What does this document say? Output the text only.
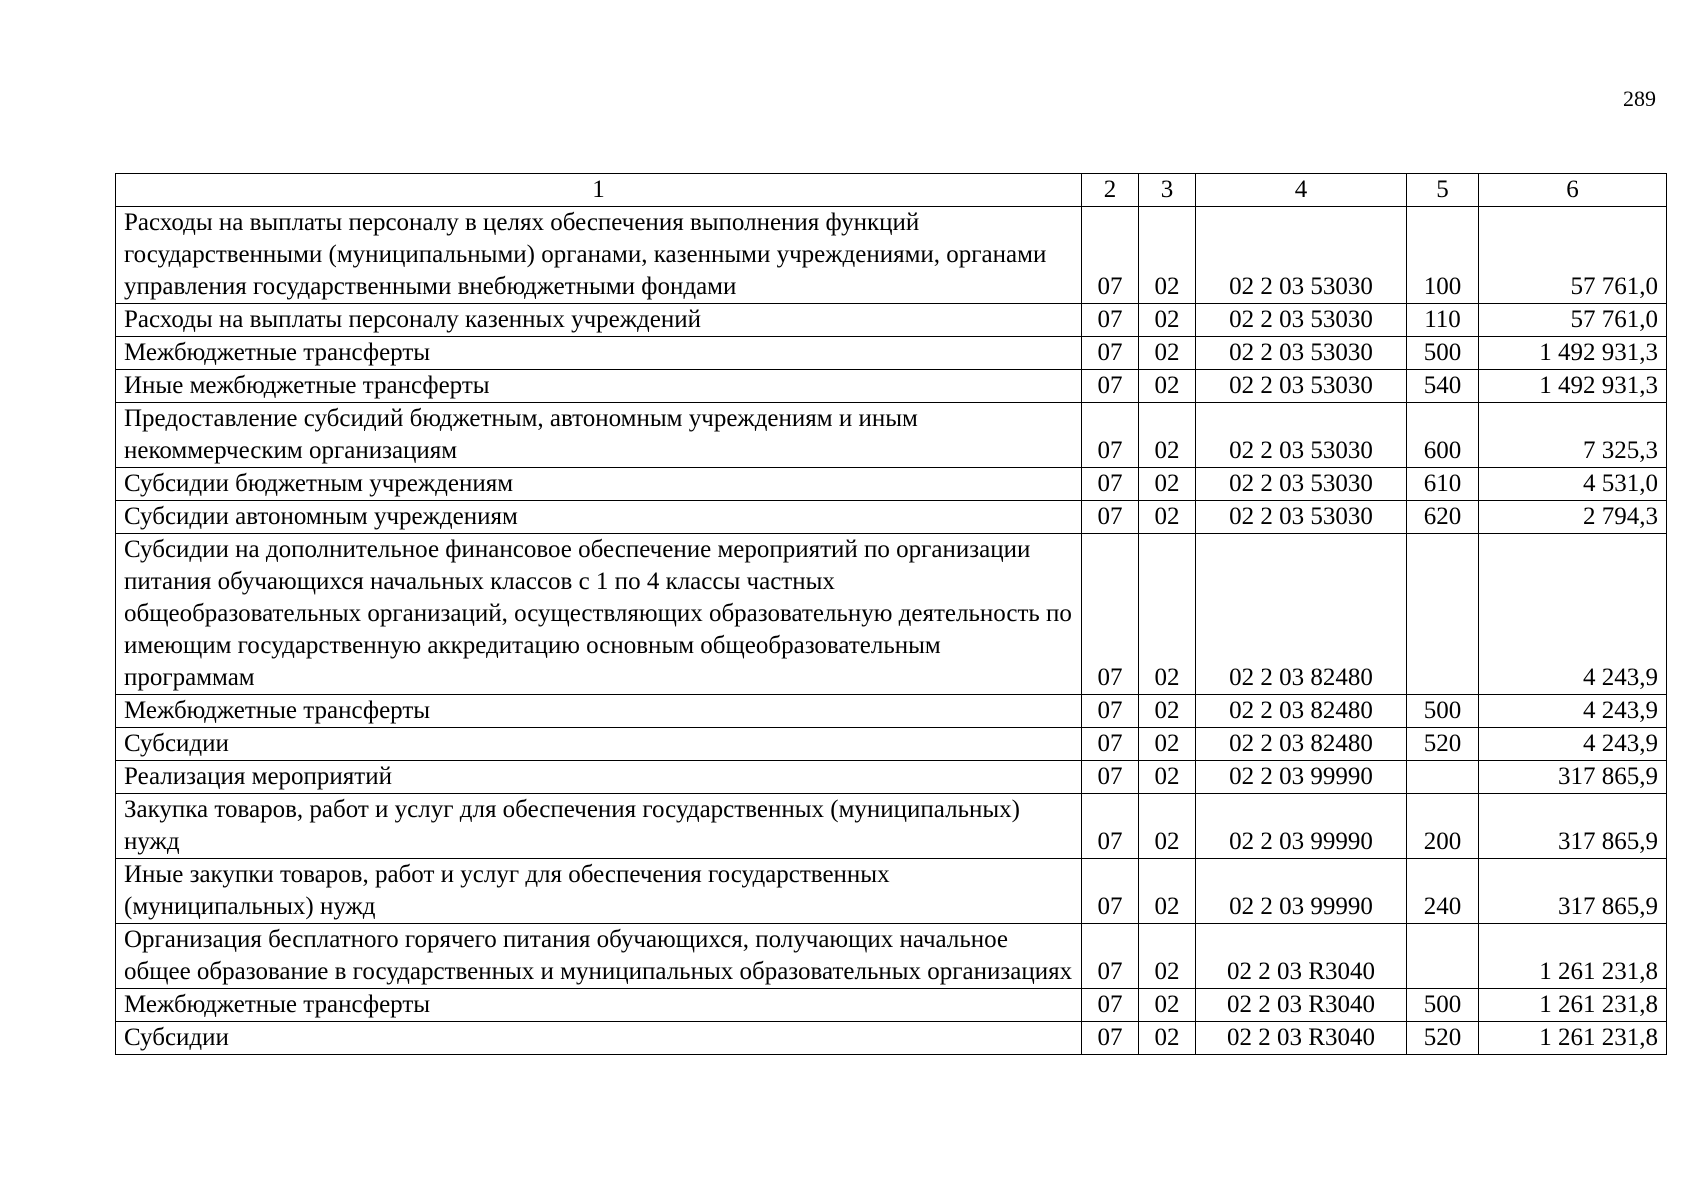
289
1	2	3	4	5	6
Расходы на выплаты персоналу в целях обеспечения выполнения функций государственными (муниципальными) органами, казенными учреждениями, органами управления государственными внебюджетными фондами	07	02	02 2 03 53030	100	57 761,0
Расходы на выплаты персоналу казенных учреждений	07	02	02 2 03 53030	110	57 761,0
Межбюджетные трансферты	07	02	02 2 03 53030	500	1 492 931,3
Иные межбюджетные трансферты	07	02	02 2 03 53030	540	1 492 931,3
Предоставление субсидий бюджетным, автономным учреждениям и иным некоммерческим организациям	07	02	02 2 03 53030	600	7 325,3
Субсидии бюджетным учреждениям	07	02	02 2 03 53030	610	4 531,0
Субсидии автономным учреждениям	07	02	02 2 03 53030	620	2 794,3
Субсидии на дополнительное финансовое обеспечение мероприятий по организации питания обучающихся начальных классов с 1 по 4 классы частных общеобразовательных организаций, осуществляющих образовательную деятельность по имеющим государственную аккредитацию основным общеобразовательным программам	07	02	02 2 03 82480		4 243,9
Межбюджетные трансферты	07	02	02 2 03 82480	500	4 243,9
Субсидии	07	02	02 2 03 82480	520	4 243,9
Реализация мероприятий	07	02	02 2 03 99990		317 865,9
Закупка товаров, работ и услуг для обеспечения государственных (муниципальных) нужд	07	02	02 2 03 99990	200	317 865,9
Иные закупки товаров, работ и услуг для обеспечения государственных (муниципальных) нужд	07	02	02 2 03 99990	240	317 865,9
Организация бесплатного горячего питания обучающихся, получающих начальное общее образование в государственных и муниципальных образовательных организациях	07	02	02 2 03 R3040		1 261 231,8
Межбюджетные трансферты	07	02	02 2 03 R3040	500	1 261 231,8
Субсидии	07	02	02 2 03 R3040	520	1 261 231,8
